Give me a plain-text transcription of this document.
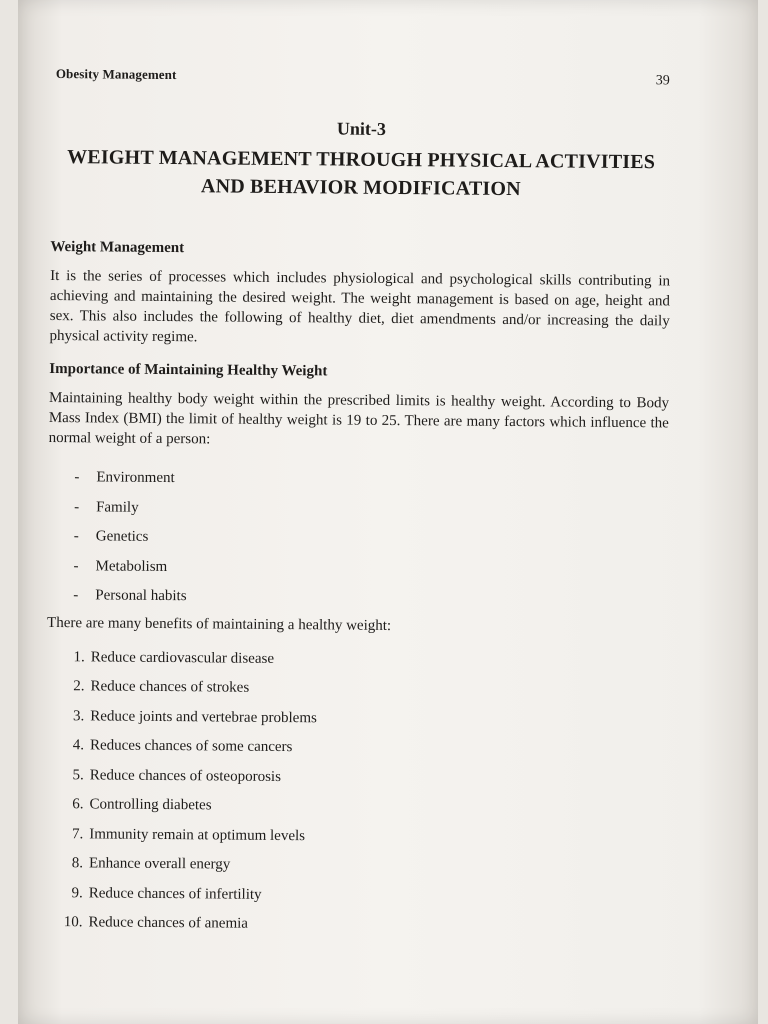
Obesity Management	39
Unit-3
WEIGHT MANAGEMENT THROUGH PHYSICAL ACTIVITIES
AND BEHAVIOR MODIFICATION
Weight Management

It is the series of processes which includes physiological and psychological skills contributing in achieving and maintaining the desired weight. The weight management is based on age, height and sex. This also includes the following of healthy diet, diet amendments and/or increasing the daily physical activity regime.

Importance of Maintaining Healthy Weight

Maintaining healthy body weight within the prescribed limits is healthy weight. According to Body Mass Index (BMI) the limit of healthy weight is 19 to 25. There are many factors which influence the normal weight of a person:

-	Environment
-	Family
-	Genetics
-	Metabolism
-	Personal habits
There are many benefits of maintaining a healthy weight:
1. Reduce cardiovascular disease
2. Reduce chances of strokes
3. Reduce joints and vertebrae problems
4. Reduces chances of some cancers
5. Reduce chances of osteoporosis
6. Controlling diabetes
7. Immunity remain at optimum levels
8. Enhance overall energy
9. Reduce chances of infertility
10. Reduce chances of anemia
